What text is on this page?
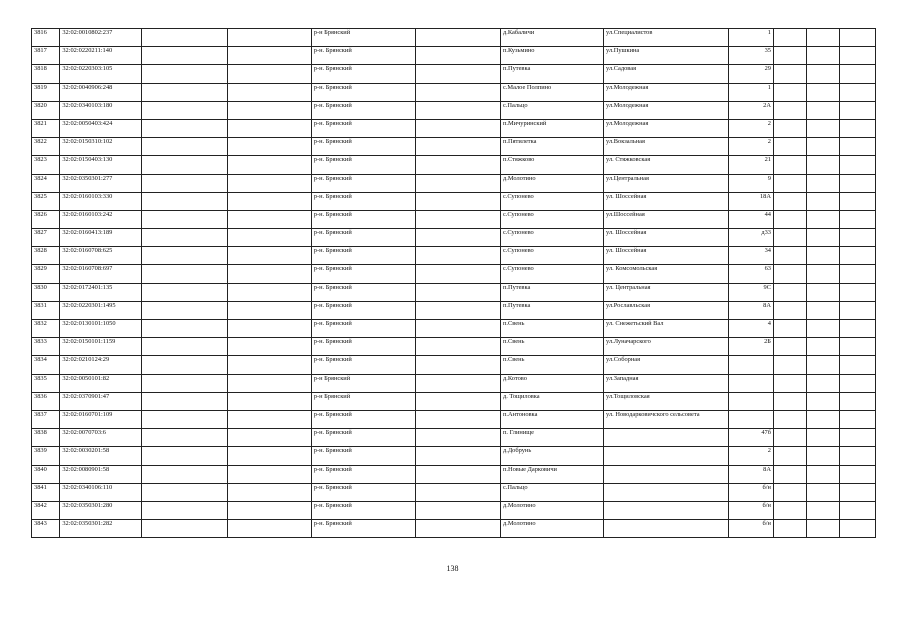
3816	32:02:0010802:237			р-н Брянский		д.Кабаличи	ул.Специалистов	1			
3817	32:02:0220211:140			р-н. Брянский		п.Кузьмино	ул.Пушкина	35			
3818	32:02:0220303:105			р-н. Брянский		п.Путевка	ул.Садовая	29			
3819	32:02:0040906:248			р-н. Брянский		с.Малое Полпино	ул.Молодежная	1			
3820	32:02:0340103:180			р-н. Брянский		с.Пальцо	ул.Молодежная	2А			
3821	32:02:0050403:424			р-н. Брянский		п.Мичуринский	ул.Молодежная	2			
3822	32:02:0150310:102			р-н. Брянский		п.Пятилетка	ул.Вокзальная	2			
3823	32:02:0150403:130			р-н. Брянский		п.Стяжково	ул. Стяжковская	21			
3824	32:02:0350301:277			р-н. Брянский		д.Молотино	ул.Центральная	9			
3825	32:02:0160103:330			р-н. Брянский		с.Супонево	ул. Шоссейная	18А			
3826	32:02:0160103:242			р-н. Брянский		с.Супонево	ул.Шоссейная	44			
3827	32:02:0160413:189			р-н. Брянский		с.Супонево	ул. Шоссейная	д33			
3828	32:02:0160708:625			р-н. Брянский		с.Супонево	ул. Шоссейная	34			
3829	32:02:0160708:697			р-н. Брянский		с.Супонево	ул. Комсомольская	63			
3830	32:02:0172401:135			р-н. Брянский		п.Путевка	ул. Центральная	9С			
3831	32:02:0220301:1495			р-н. Брянский		п.Путевка	ул.Рославльская	8А			
3832	32:02:0130101:1050			р-н. Брянский		п.Свень	ул. Снежетьский Вал	4			
3833	32:02:0150101:1159			р-н. Брянский		п.Свень	ул.Луначарского	2Б			
3834	32:02:0210124:29			р-н. Брянский		п.Свень	ул.Соборная				
3835	32:02:0050101:82			р-н Брянский		д.Котово	ул.Западная				
3836	32:02:0370901:47			р-н Брянский		д. Тощиловка	ул.Тощиловская				
3837	32:02:0160701:109			р-н. Брянский		п.Антоновка	ул. Новодарковичского сельсовета				
3838	32:02:0070703:6			р-н. Брянский		п. Глинище		47б			
3839	32:02:0030201:58			р-н. Брянский		д.Добрунь		2			
3840	32:02:0080901:58			р-н. Брянский		п.Новые Дарковичи		8А			
3841	32:02:0340106:110			р-н. Брянский		с.Пальцо		б/н			
3842	32:02:0350301:280			р-н. Брянский		д.Молотино		б/н			
3843	32:02:0350301:282			р-н. Брянский		д.Молотино		б/н			
138
